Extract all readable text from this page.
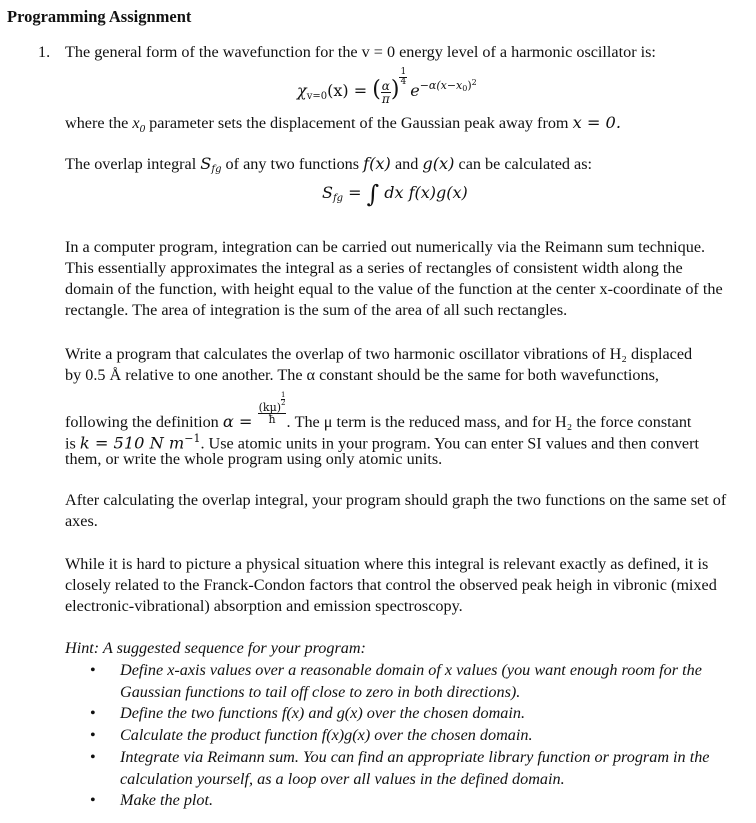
Programming Assignment
1. The general form of the wavefunction for the v = 0 energy level of a harmonic oscillator is:
χv=0(x) = ( $\frac{\alpha}{\pi}$ ) $\frac{1}{4}$
$e^{-\alpha(x-x0)2}$
where the $x_0$ parameter sets the displacement of the Gaussian peak away from x = 0.
The overlap integral Sfg of any two functions f(x) and g(x) can be calculated as:
Sfg = ∫ dx f(x)g(x)
In a computer program, integration can be carried out numerically via the Reimann sum technique. This essentially approximates the integral as a series of rectangles of consistent width along the domain of the function, with height equal to the value of the function at the center x-coordinate of the rectangle. The area of integration is the sum of the area of all such rectangles.
Write a program that calculates the overlap of two harmonic oscillator vibrations of H₂ displaced
by 0.5 Å relative to one another. The α constant should be the same for both wavefunctions,
following the definition α = (kμ)
$\frac{1}{2}$
ħ . The μ term is the reduced mass, and for H₂ the force constant
is k = 510 N $m^{-1}$. Use atomic units in your program. You can enter SI values and then convert
them, or write the whole program using only atomic units.
After calculating the overlap integral, your program should graph the two functions on the same set of axes.
While it is hard to picture a physical situation where this integral is relevant exactly as defined, it is closely related to the Franck-Condon factors that control the observed peak heigh in vibronic (mixed electronic-vibrational) absorption and emission spectroscopy.
Hint: A suggested sequence for your program:
• Define x-axis values over a reasonable domain of x values (you want enough room for the Gaussian functions to tail off close to zero in both directions).
• Define the two functions f(x) and g(x) over the chosen domain.
• Calculate the product function f(x)g(x) over the chosen domain.
• Integrate via Reimann sum. You can find an appropriate library function or program in the calculation yourself, as a loop over all values in the defined domain.
• Make the plot.
